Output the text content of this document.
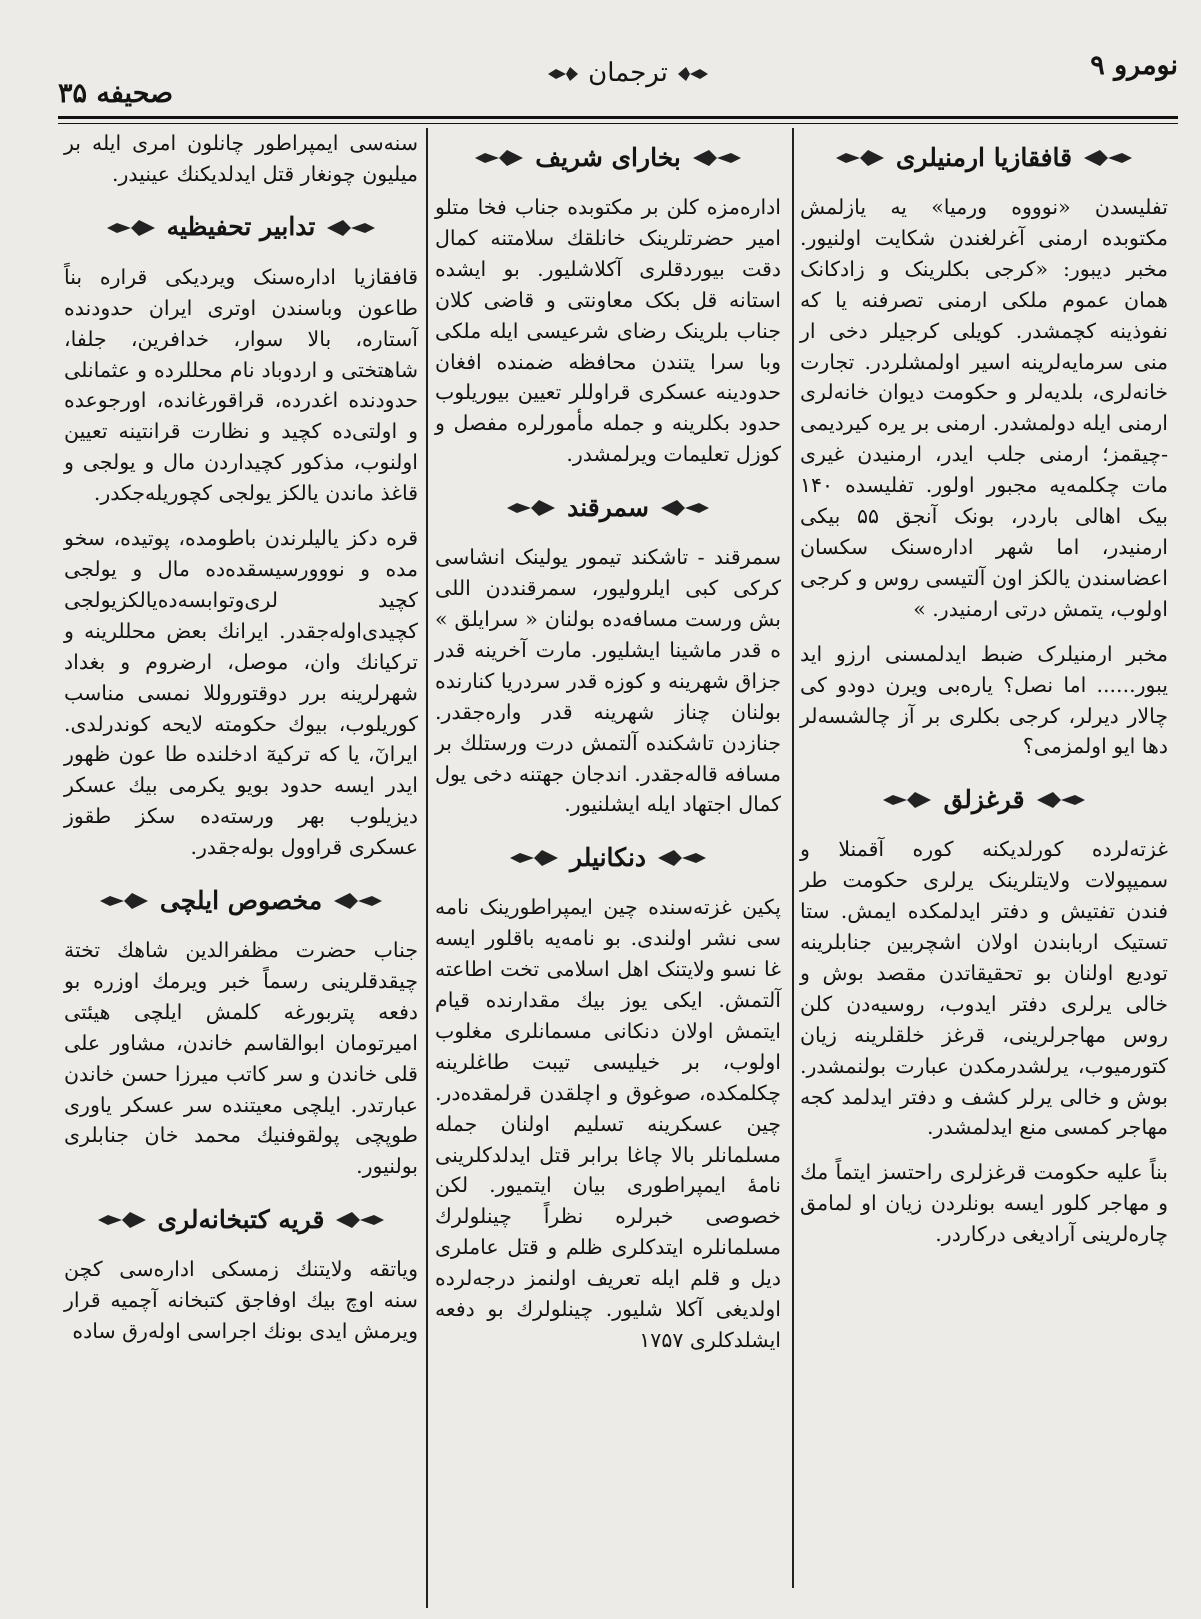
صحیفه ۳۵
ترجمان	نومرو ۹
قافقازیا ارمنیلری

تفلیسدن «نوووه ورمیا» یه یازلمش مکتوبده ارمنی آغرلغندن شکایت اولنیور. مخبر دیبور: «کرجی بکلرینک و زادکانک همان عموم ملکی ارمنی تصرفنه یا که نفوذینه کچمشدر. کویلی کرجیلر دخی ار منی سرمایه‌لرینه اسیر اولمشلردر. تجارت خانه‌لری، بلدیه‌لر و حکومت دیوان خانه‌لری ارمنی ایله دولمشدر. ارمنی بر یره کیردیمی -چیقمز؛ ارمنی جلب ایدر، ارمنیدن غیری مات چکلمه‌یه مجبور اولور. تفلیسده ۱۴۰ بیک اهالی باردر، بونک آنجق ۵۵ بیکی ارمنیدر، اما شهر اداره‌سنک سکسان اعضاسندن یالکز اون آلتیسی روس و کرجی اولوب، یتمش درتی ارمنیدر. »

مخبر ارمنیلرک ضبط ایدلمسنی ارزو اید یبور...... اما نصل؟ یاره‌بی ویرن دودو کی چالار دیرلر، کرجی بکلری بر آز چالشسه‌لر دها ایو اولمزمی؟

قرغزلق

غزته‌لرده کورلدیکنه کوره آقمنلا و سمیپولات ولایتلرینک یرلری حکومت طر فندن تفتیش و دفتر ایدلمکده ایمش. ستا تستیک اربابندن اولان اشچربین جنابلرینه تودیع اولنان بو تحقیقاتدن مقصد بوش و خالی یرلری دفتر ایدوب، روسیه‌دن کلن روس مهاجرلرینی، قرغز خلقلرینه زیان کتورمیوب، یرلشدرمکدن عبارت بولنمشدر. بوش و خالی یرلر کشف و دفتر ایدلمد کجه مهاجر کمسی منع ایدلمشدر.

بناً علیه حکومت قرغزلری راحتسز ایتماً مك و مهاجر کلور ایسه بونلردن زیان او لمامق چاره‌لرینی آرادیغی درکاردر.

بخارای شریف

اداره‌مزه کلن بر مکتوبده جناب فخا متلو امیر حضرتلرینک خانلقك سلامتنه کمال دقت بیوردقلری آکلاشلیور. بو ایشده استانه قل بکک معاونتی و قاضی کلان جناب بلرینک رضای شرعیسی ایله ملکی وبا سرا یتندن محافظه ضمنده افغان حدودینه عسکری قراوللر تعیین بیوریلوب حدود بکلرینه و جمله مأمورلره مفصل و کوزل تعلیمات ویرلمشدر.

سمرقند

سمرقند - تاشکند تیمور یولینک انشاسی کرکی کبی ایلرولیور، سمرقنددن اللی بش ورست مسافه‌ده بولنان « سرایلق » ه قدر ماشینا ایشلیور. مارت آخرینه قدر جزاق شهرینه و کوزه قدر سردریا کنارنده بولنان چناز شهرینه قدر واره‌جقدر. جنازدن تاشکنده آلتمش درت ورستلك بر مسافه قاله‌جقدر. اندجان جهتنه دخی یول کمال اجتهاد ایله ایشلنیور.

دنکانیلر

پکین غزته‌سنده چین ایمپراطورینک نامه‌ سی نشر اولندی. بو نامه‌یه باقلور ایسه غا نسو ولایتنک اهل اسلامی تخت اطاعته آلتمش. ایکی یوز بیك مقدارنده قیام ایتمش اولان دنکانی مسمانلری مغلوب اولوب، بر خیلیسی تیبت طاغلرینه چکلمکده، صوغوق و اچلقدن قرلمقده‌در. چین عسکرینه تسلیم اولنان جمله مسلمانلر بالا چاغا برابر قتل ایدلدکلرینی نامهٔ ایمپراطوری بیان ایتمیور. لکن خصوصی خبرلره نظراً چینلولرك مسلمانلره ایتدکلری ظلم و قتل عاملری دیل و قلم ایله تعریف اولنمز درجه‌لرده اولدیغی آکلا شلیور. چینلولرك بو دفعه ایشلدکلری ۱۷۵۷

سنه‌سی ایمپراطور چانلون امری ایله بر میلیون چونغار قتل ایدلدیکنك عینیدر.

تدابیر تحفیظیه

قافقازیا اداره‌سنک ویردیکی قراره بناً طاعون وباسندن اوتری ایران حدودنده آستاره، بالا سوار، خدافرین، جلفا، شاهتختی و اردوباد نام محللرده و عثمانلی حدودنده اغدرده، قراقورغانده، اورجوعده و اولتی‌ده کچید و نظارت قرانتینه تعیین اولنوب، مذکور کچیداردن مال و یولجی و قاغذ ماندن یالکز یولجی کچوریله‌جکدر.

قره دکز یالیلرندن باطومده، پوتیده، سخو مده و نووورسیسقده‌ده مال و یولجی کچید لری‌وتوابسه‌ده‌یالکزیولجی کچیدی‌اوله‌جقدر. ایرانك بعض محللرینه و ترکیانك وان، موصل، ارضروم و بغداد شهرلرینه برر دوقتور‌وللا نمسی مناسب کوریلوب، بیوك حکومته لایحه کوندرلدی. ایرانٓ، یا که ترکیه‌ٓ ادخلنده طا عون ظهور ایدر ایسه حدود بویو یکرمی بیك عسکر دیزیلوب بهر ورسته‌ده سکز طقوز عسکری قراوول بوله‌جقدر.

مخصوص ایلچی

جناب حضرت مظفرالدین شاهك تختة چیقدقلرینی رسماً خبر ویرمك اوزره بو دفعه پتربورغه کلمش ایلچی هیئتی امیرتومان ابوالقاسم خاندن، مشاور علی قلی خاندن و سر کاتب میرزا حسن خاندن عبارتدر. ایلچی معیتنده سر عسکر یاوری طوپچی پولقوفنیك محمد خان جنابلری بولنیور.

قریه کتبخانه‌لری

ویاتقه ولایتنك زمسکی اداره‌سی کچن سنه اوچ بیك اوفاجق کتبخانه آچمیه قرار ویرمش ایدی بونك اجراسی اوله‌رق ساده
